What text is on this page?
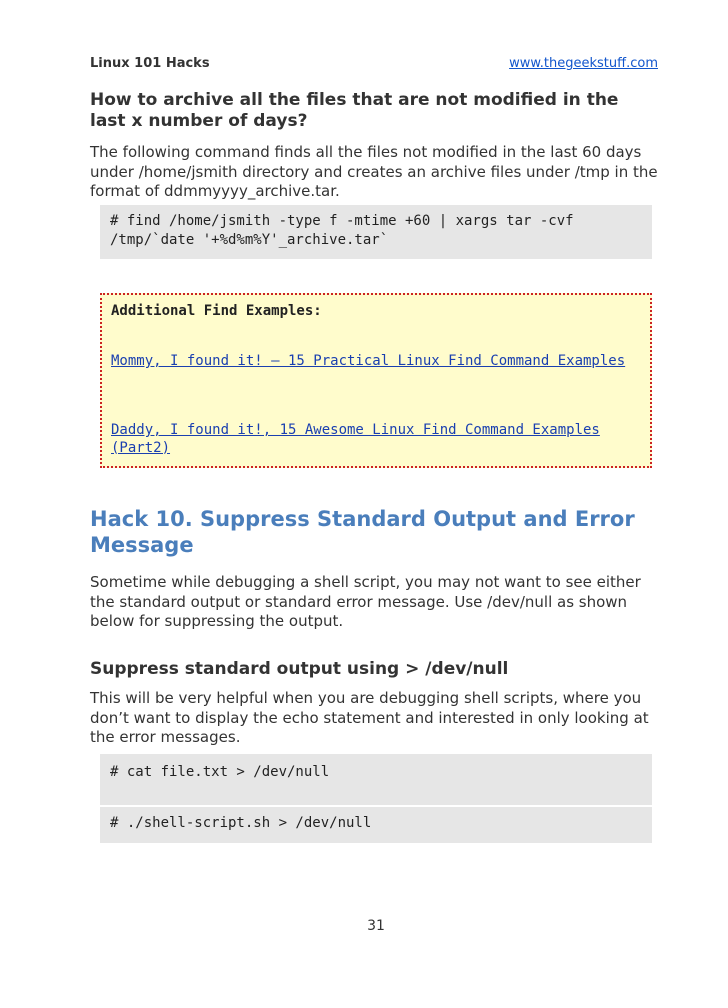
Linux 101 Hacks	www.thegeekstuff.com
How to archive all the files that are not modified in the last x number of days?

The following command finds all the files not modified in the last 60 days under /home/jsmith directory and creates an archive files under /tmp in the format of ddmmyyyy_archive.tar.

# find /home/jsmith -type f -mtime +60 | xargs tar -cvf
/tmp/`date '+%d%m%Y'_archive.tar`
Additional Find Examples:
Mommy, I found it! – 15 Practical Linux Find Command Examples
Daddy, I found it!, 15 Awesome Linux Find Command Examples (Part2)
Hack 10. Suppress Standard Output and Error Message

Sometime while debugging a shell script, you may not want to see either the standard output or standard error message. Use /dev/null as shown below for suppressing the output.

Suppress standard output using > /dev/null

This will be very helpful when you are debugging shell scripts, where you don’t want to display the echo statement and interested in only looking at the error messages.

# cat file.txt > /dev/null
# ./shell-script.sh > /dev/null
31
